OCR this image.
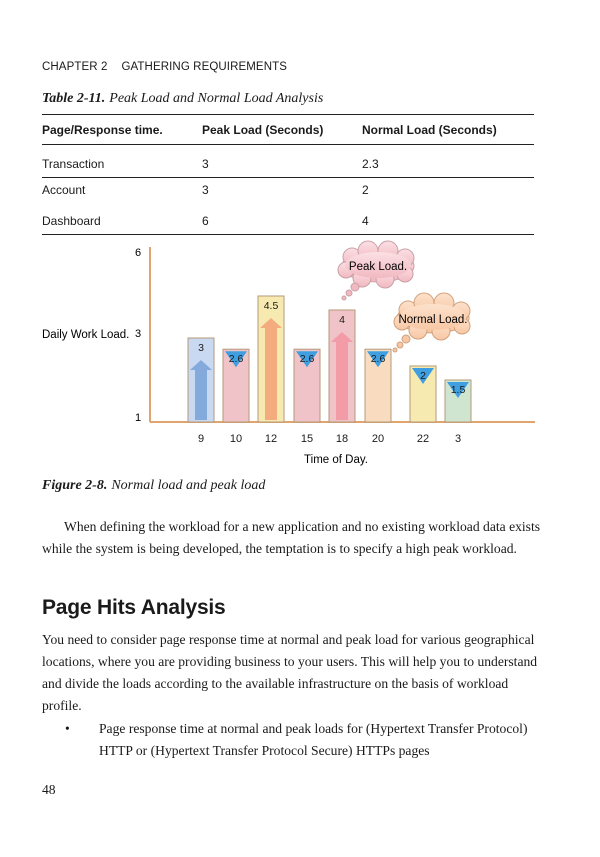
CHAPTER 2 GATHERING REQUIREMENTS
Table 2-11. Peak Load and Normal Load Analysis
Page/Response time.	Peak Load (Seconds)	Normal Load (Seconds)
Transaction	3	2.3
Account	3	2
Dashboard	6	4
6
3
1
Daily Work Load.
Time of Day.
3
9
2.6
10
4.5
12
2.6
15
4
18
2.6
20
2
22
1.5
3
Peak Load.
Normal Load.
Figure 2-8. Normal load and peak load
When defining the workload for a new application and no existing workload data exists while the system is being developed, the temptation is to specify a high peak workload.
Page Hits Analysis
You need to consider page response time at normal and peak load for various geographical locations, where you are providing business to your users. This will help you to understand and divide the loads according to the available infrastructure on the basis of workload profile.
• Page response time at normal and peak loads for (Hypertext Transfer Protocol) HTTP or (Hypertext Transfer Protocol Secure) HTTPs pages
48
